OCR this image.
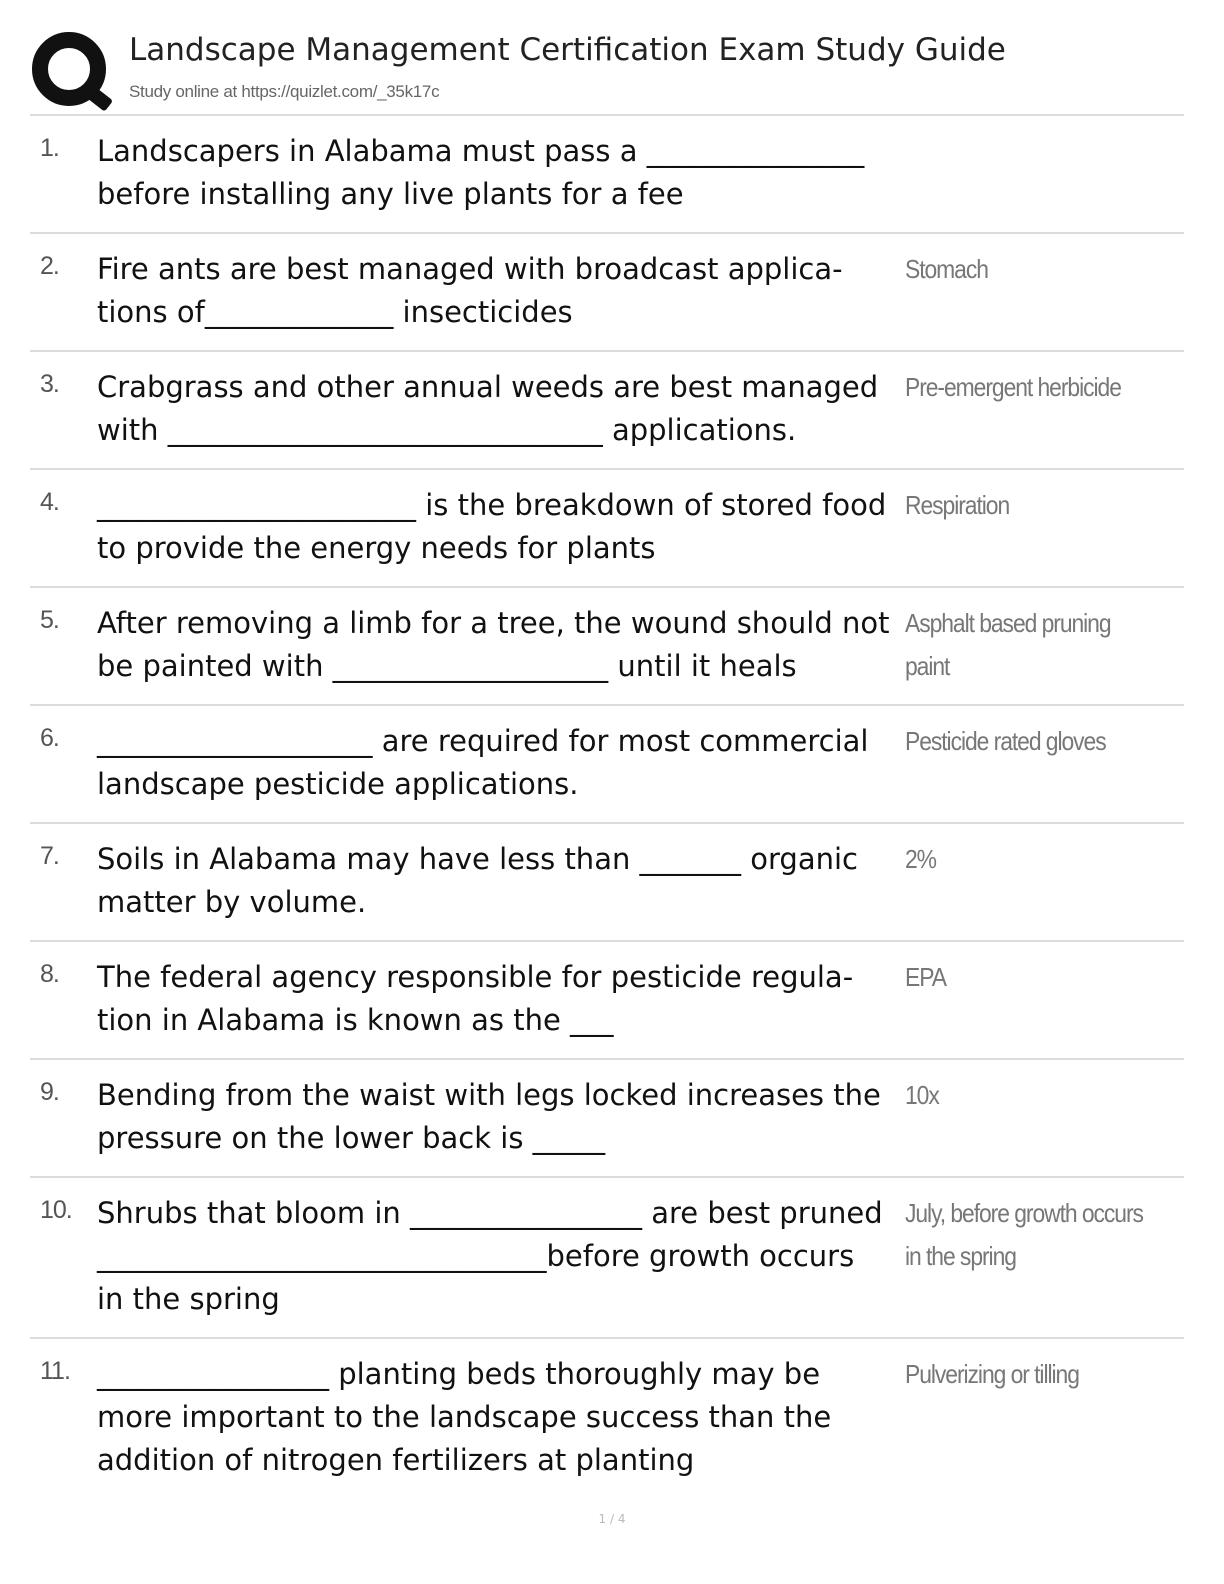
Landscape Management Certification Exam Study Guide
Study online at https://quizlet.com/_35k17c
1. Landscapers in Alabama must pass a _______________
before installing any live plants for a fee
2. Fire ants are best managed with broadcast applica-
tions of_____________ insecticides
Stomach
3. Crabgrass and other annual weeds are best managed
with ______________________________ applications.
Pre-emergent herbicide
4. ______________________ is the breakdown of stored food
to provide the energy needs for plants
Respiration
5. After removing a limb for a tree, the wound should not
be painted with ___________________ until it heals
Asphalt based pruning
paint
6. ___________________ are required for most commercial
landscape pesticide applications.
Pesticide rated gloves
7. Soils in Alabama may have less than _______ organic
matter by volume.
2%
8. The federal agency responsible for pesticide regula-
tion in Alabama is known as the ___
EPA
9. Bending from the waist with legs locked increases the
pressure on the lower back is _____
10x
10. Shrubs that bloom in ________________ are best pruned
_______________________________before growth occurs
in the spring
July, before growth occurs
in the spring
11. ________________ planting beds thoroughly may be
more important to the landscape success than the
addition of nitrogen fertilizers at planting
Pulverizing or tilling
1 / 4
